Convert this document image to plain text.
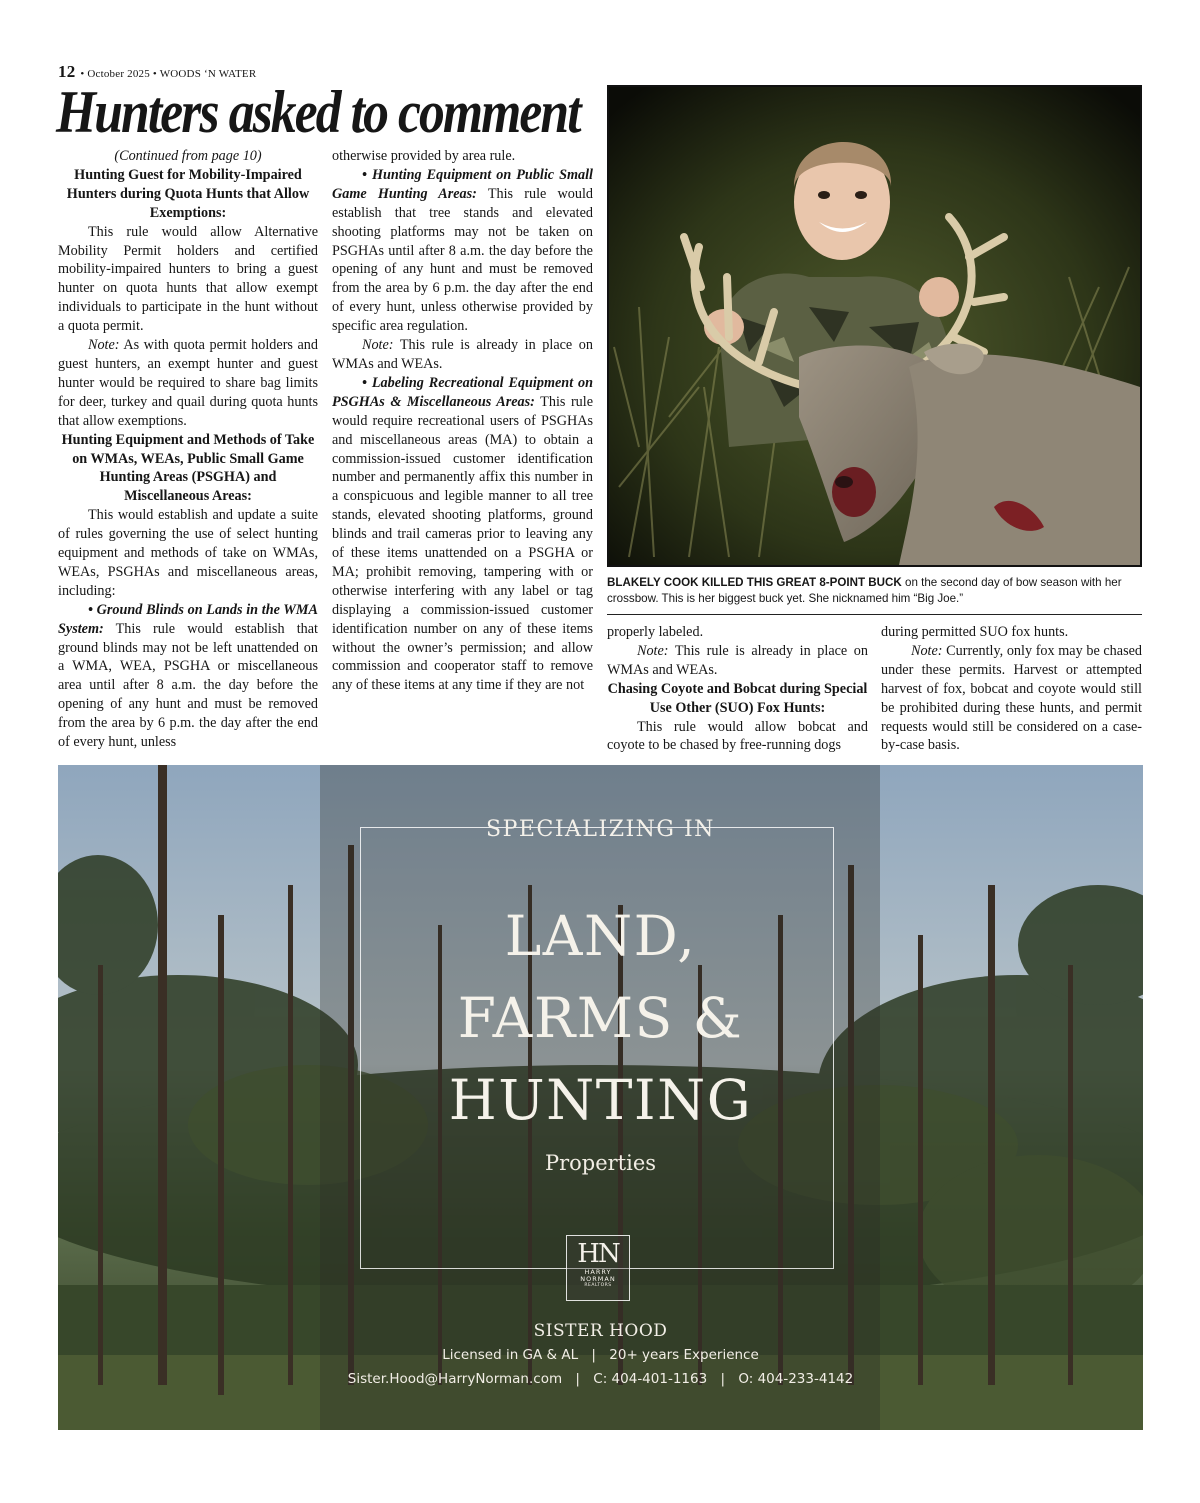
12 • October 2025 • WOODS ‘N WATER
Hunters asked to comment

(Continued from page 10)

Hunting Guest for Mobility-Impaired Hunters during Quota Hunts that Allow Exemptions:

This rule would allow Alternative Mobility Permit holders and certified mobility-impaired hunters to bring a guest hunter on quota hunts that allow exempt individuals to participate in the hunt without a quota permit.

Note: As with quota permit holders and guest hunters, an exempt hunter and guest hunter would be required to share bag limits for deer, turkey and quail during quota hunts that allow exemptions.

Hunting Equipment and Methods of Take on WMAs, WEAs, Public Small Game Hunting Areas (PSGHA) and Miscellaneous Areas:

This would establish and update a suite of rules governing the use of select hunting equipment and methods of take on WMAs, WEAs, PSGHAs and miscellaneous areas, including:

• Ground Blinds on Lands in the WMA System: This rule would establish that ground blinds may not be left unattended on a WMA, WEA, PSGHA or miscellaneous area until after 8 a.m. the day before the opening of any hunt and must be removed from the area by 6 p.m. the day after the end of every hunt, unless

otherwise provided by area rule.

• Hunting Equipment on Public Small Game Hunting Areas: This rule would establish that tree stands and elevated shooting platforms may not be taken on PSGHAs until after 8 a.m. the day before the opening of any hunt and must be removed from the area by 6 p.m. the day after the end of every hunt, unless otherwise provided by specific area regulation.

Note: This rule is already in place on WMAs and WEAs.

• Labeling Recreational Equipment on PSGHAs & Miscellaneous Areas: This rule would require recreational users of PSGHAs and miscellaneous areas (MA) to obtain a commission-issued customer identification number and permanently affix this number in a conspicuous and legible manner to all tree stands, elevated shooting platforms, ground blinds and trail cameras prior to leaving any of these items unattended on a PSGHA or MA; prohibit removing, tampering with or otherwise interfering with any label or tag displaying a commission-issued customer identification number on any of these items without the owner’s permission; and allow commission and cooperator staff to remove any of these items at any time if they are not

BLAKELY COOK KILLED THIS GREAT 8-POINT BUCK on the second day of bow season with her crossbow. This is her biggest buck yet. She nicknamed him “Big Joe.”

properly labeled.

Note: This rule is already in place on WMAs and WEAs.

Chasing Coyote and Bobcat during Special Use Other (SUO) Fox Hunts:

This rule would allow bobcat and coyote to be chased by free-running dogs

during permitted SUO fox hunts.

Note: Currently, only fox may be chased under these permits. Harvest or attempted harvest of fox, bobcat and coyote would still be prohibited during these hunts, and permit requests would still be considered on a case-by-case basis.

SPECIALIZING IN
LAND,
FARMS &
HUNTING
Properties
HN
HARRY
NORMAN
REALTORS
SISTER HOOD
Licensed in GA & AL | 20+ years Experience
Sister.Hood@HarryNorman.com | C: 404-401-1163 | O: 404-233-4142
